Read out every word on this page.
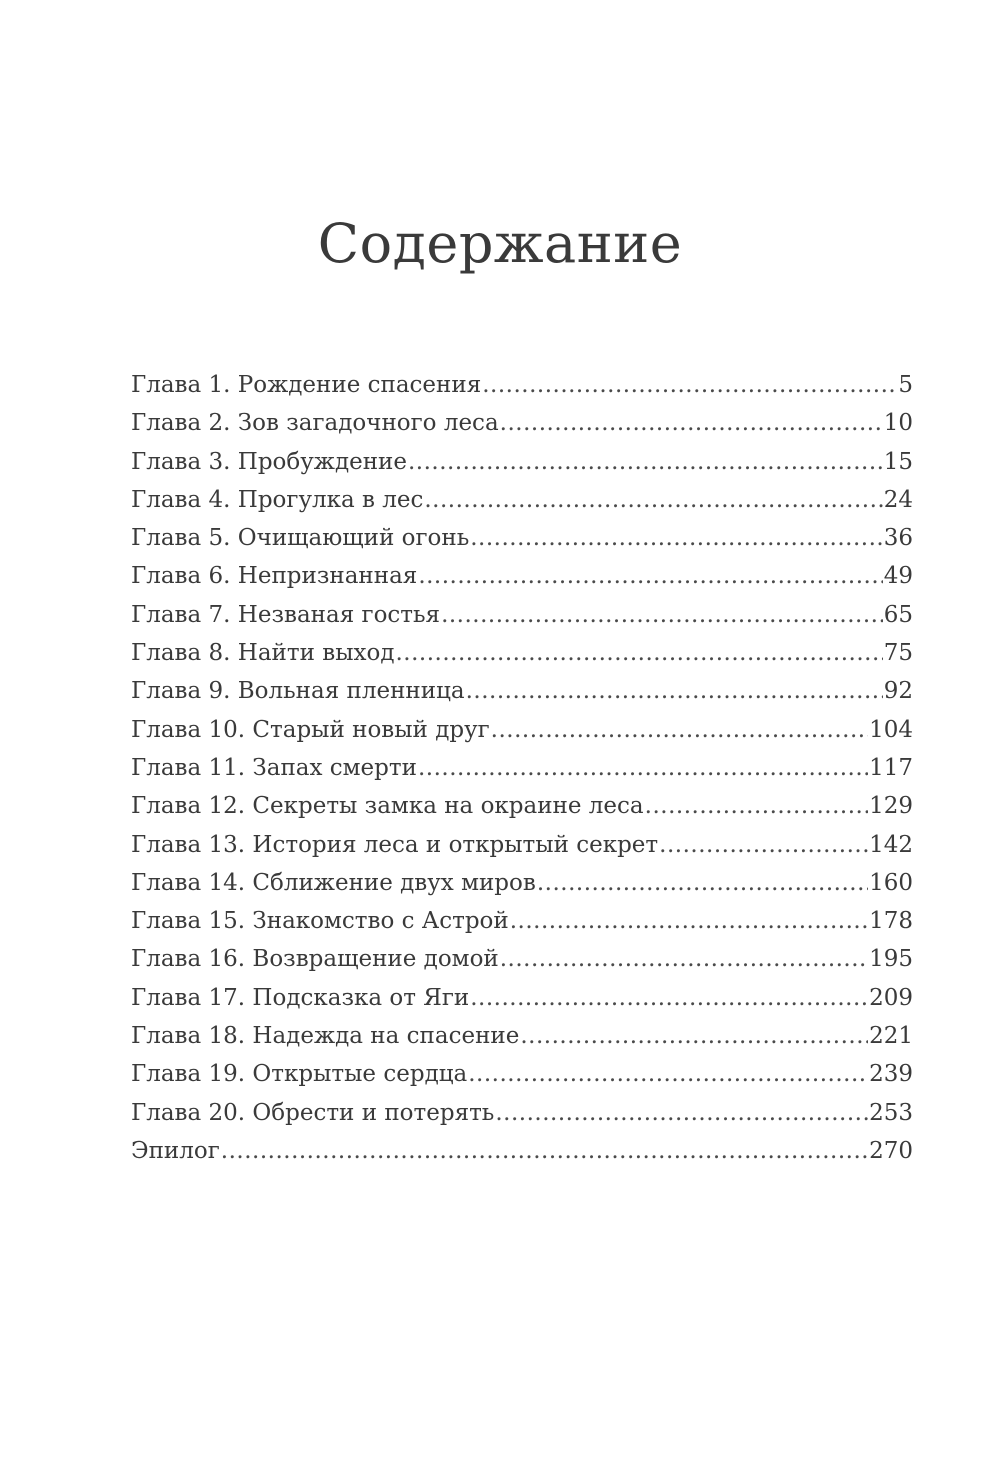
Содержание
Глава 1. Рождение спасения .....	5
Глава 2. Зов загадочного леса .....	10
Глава 3. Пробуждение .....	15
Глава 4. Прогулка в лес .....	24
Глава 5. Очищающий огонь .....	36
Глава 6. Непризнанная .....	49
Глава 7. Незваная гостья .....	65
Глава 8. Найти выход .....	75
Глава 9. Вольная пленница .....	92
Глава 10. Старый новый друг .....	104
Глава 11. Запах смерти .....	117
Глава 12. Секреты замка на окраине леса .....	129
Глава 13. История леса и открытый секрет .....	142
Глава 14. Сближение двух миров .....	160
Глава 15. Знакомство с Астрой .....	178
Глава 16. Возвращение домой .....	195
Глава 17. Подсказка от Яги .....	209
Глава 18. Надежда на спасение .....	221
Глава 19. Открытые сердца .....	239
Глава 20. Обрести и потерять .....	253
Эпилог .....	270
